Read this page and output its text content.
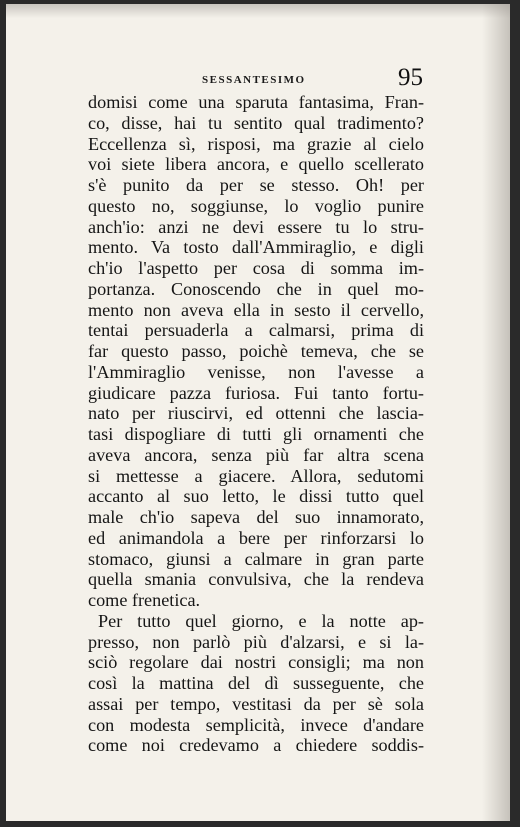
SESSANTESIMO	95
domisi come una sparuta fantasima, Fran-
co, disse, hai tu sentito qual tradimento?
Eccellenza sì, risposi, ma grazie al cielo
voi siete libera ancora, e quello scellerato
s'è punito da per se stesso. Oh! per
questo no, soggiunse, lo voglio punire
anch'io: anzi ne devi essere tu lo stru-
mento. Va tosto dall'Ammiraglio, e digli
ch'io l'aspetto per cosa di somma im-
portanza. Conoscendo che in quel mo-
mento non aveva ella in sesto il cervello,
tentai persuaderla a calmarsi, prima di
far questo passo, poichè temeva, che se
l'Ammiraglio venisse, non l'avesse a
giudicare pazza furiosa. Fui tanto fortu-
nato per riuscirvi, ed ottenni che lascia-
tasi dispogliare di tutti gli ornamenti che
aveva ancora, senza più far altra scena
si mettesse a giacere. Allora, sedutomi
accanto al suo letto, le dissi tutto quel
male ch'io sapeva del suo innamorato,
ed animandola a bere per rinforzarsi lo
stomaco, giunsi a calmare in gran parte
quella smania convulsiva, che la rendeva
come frenetica.
Per tutto quel giorno, e la notte ap-
presso, non parlò più d'alzarsi, e si la-
sciò regolare dai nostri consigli; ma non
così la mattina del dì susseguente, che
assai per tempo, vestitasi da per sè sola
con modesta semplicità, invece d'andare
come noi credevamo a chiedere soddis-
